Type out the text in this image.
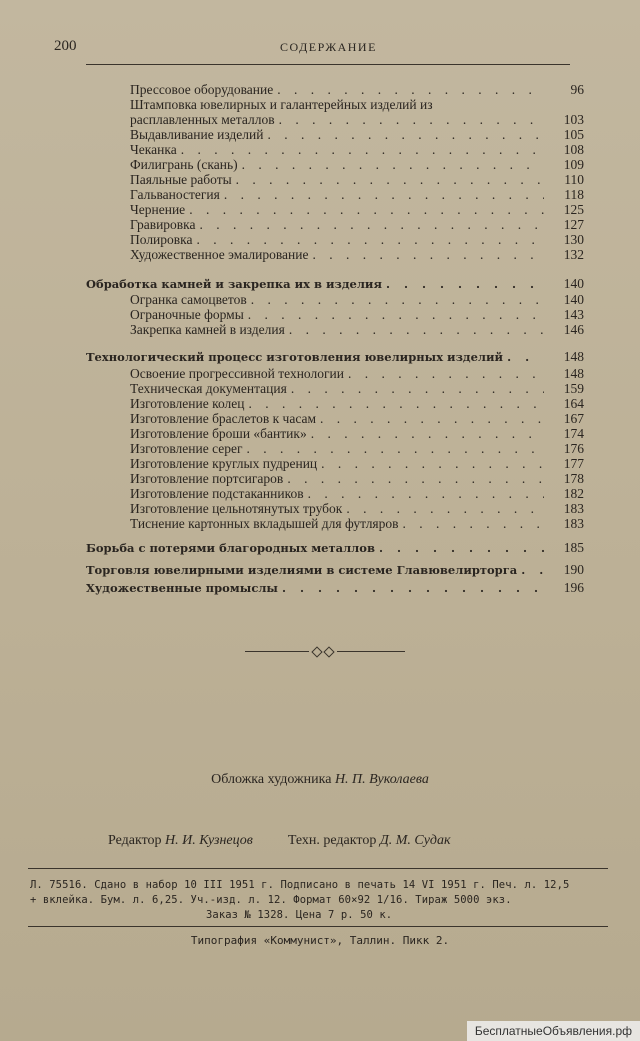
200	СОДЕРЖАНИЕ
Прессовое оборудование . . .	96
Штамповка ювелирных и галантерейных изделий из
расплавленных металлов . . .	103
Выдавливание изделий . . .	105
Чеканка . . .	108
Филигрань (скань) . . .	109
Паяльные работы . . .	110
Гальваностегия . . .	118
Чернение . . .	125
Гравировка . . .	127
Полировка . . .	130
Художественное эмалирование . . .	132
Обработка камней и закрепка их в изделия . . .	140
Огранка самоцветов . . .	140
Ограночные формы . . .	143
Закрепка камней в изделия . . .	146
Технологический процесс изготовления ювелирных изделий . . .	148
Освоение прогрессивной технологии . . .	148
Техническая документация . . .	159
Изготовление колец . . .	164
Изготовление браслетов к часам . . .	167
Изготовление броши «бантик» . . .	174
Изготовление серег . . .	176
Изготовление круглых пудрениц . . .	177
Изготовление портсигаров . . .	178
Изготовление подстаканников . . .	182
Изготовление цельнотянутых трубок . . .	183
Тиснение картонных вкладышей для футляров . . .	183
Борьба с потерями благородных металлов . . .	185
Торговля ювелирными изделиями в системе Главювелирторга . . .	190
Художественные промыслы . . .	196
Обложка художника Н. П. Вуколаева
Редактор Н. И. Кузнецов	Техн. редактор Д. М. Судак
Л. 75516. Сдано в набор 10 III 1951 г. Подписано в печать 14 VI 1951 г. Печ. л. 12,5
+ вклейка. Бум. л. 6,25. Уч.-изд. л. 12. Формат 60×92 1/16. Тираж 5000 экз.
Заказ № 1328. Цена 7 р. 50 к.
Типография «Коммунист», Таллин. Пикк 2.
БесплатныеОбъявления.рф
